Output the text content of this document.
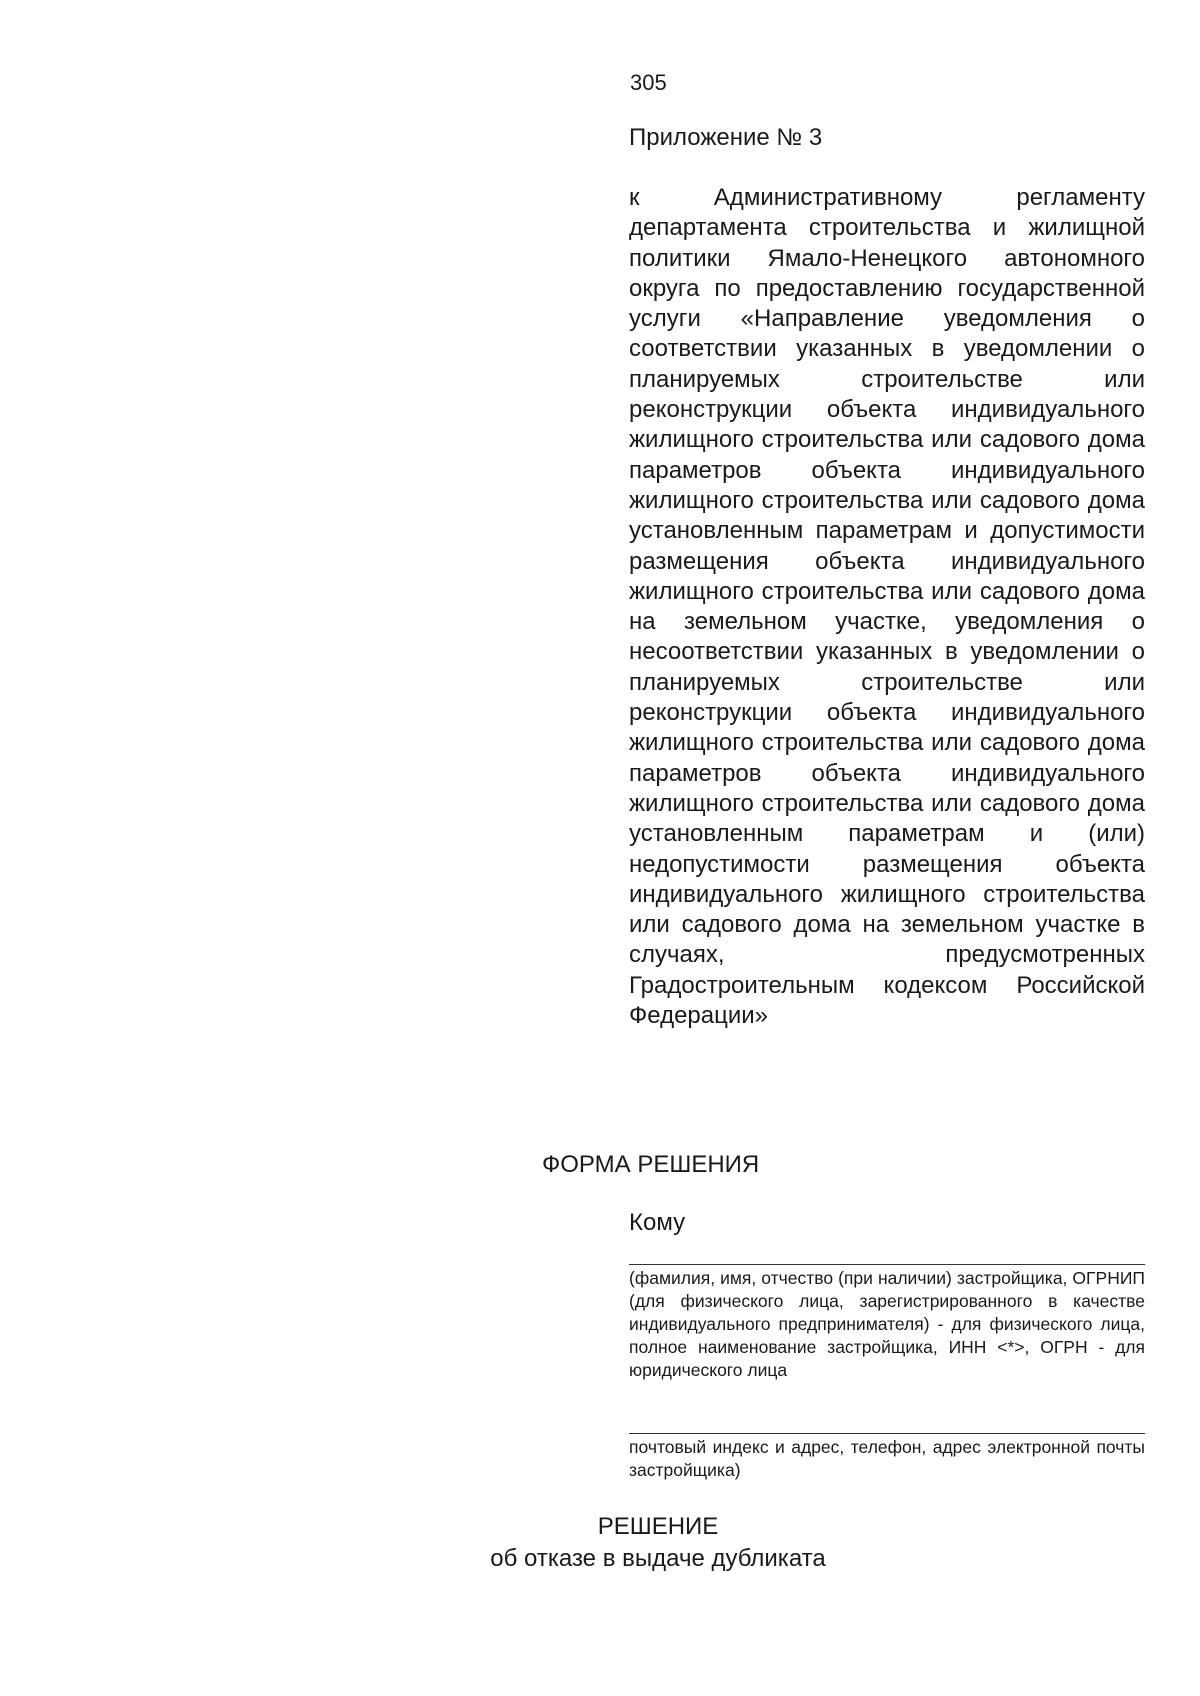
305
Приложение № 3
к Административному регламенту департамента строительства и жилищной политики Ямало-Ненецкого автономного округа по предоставлению государственной услуги «Направление уведомления о соответствии указанных в уведомлении о планируемых строительстве или реконструкции объекта индивидуального жилищного строительства или садового дома параметров объекта индивидуального жилищного строительства или садового дома установленным параметрам и допустимости размещения объекта индивидуального жилищного строительства или садового дома на земельном участке, уведомления о несоответствии указанных в уведомлении о планируемых строительстве или реконструкции объекта индивидуального жилищного строительства или садового дома параметров объекта индивидуального жилищного строительства или садового дома установленным параметрам и (или) недопустимости размещения объекта индивидуального жилищного строительства или садового дома на земельном участке в случаях, предусмотренных Градостроительным кодексом Российской Федерации»
ФОРМА РЕШЕНИЯ
Кому
(фамилия, имя, отчество (при наличии) застройщика, ОГРНИП (для физического лица, зарегистрированного в качестве индивидуального предпринимателя) - для физического лица, полное наименование застройщика, ИНН <*>, ОГРН - для юридического лица
почтовый индекс и адрес, телефон, адрес электронной почты застройщика)
РЕШЕНИЕ
об отказе в выдаче дубликата
